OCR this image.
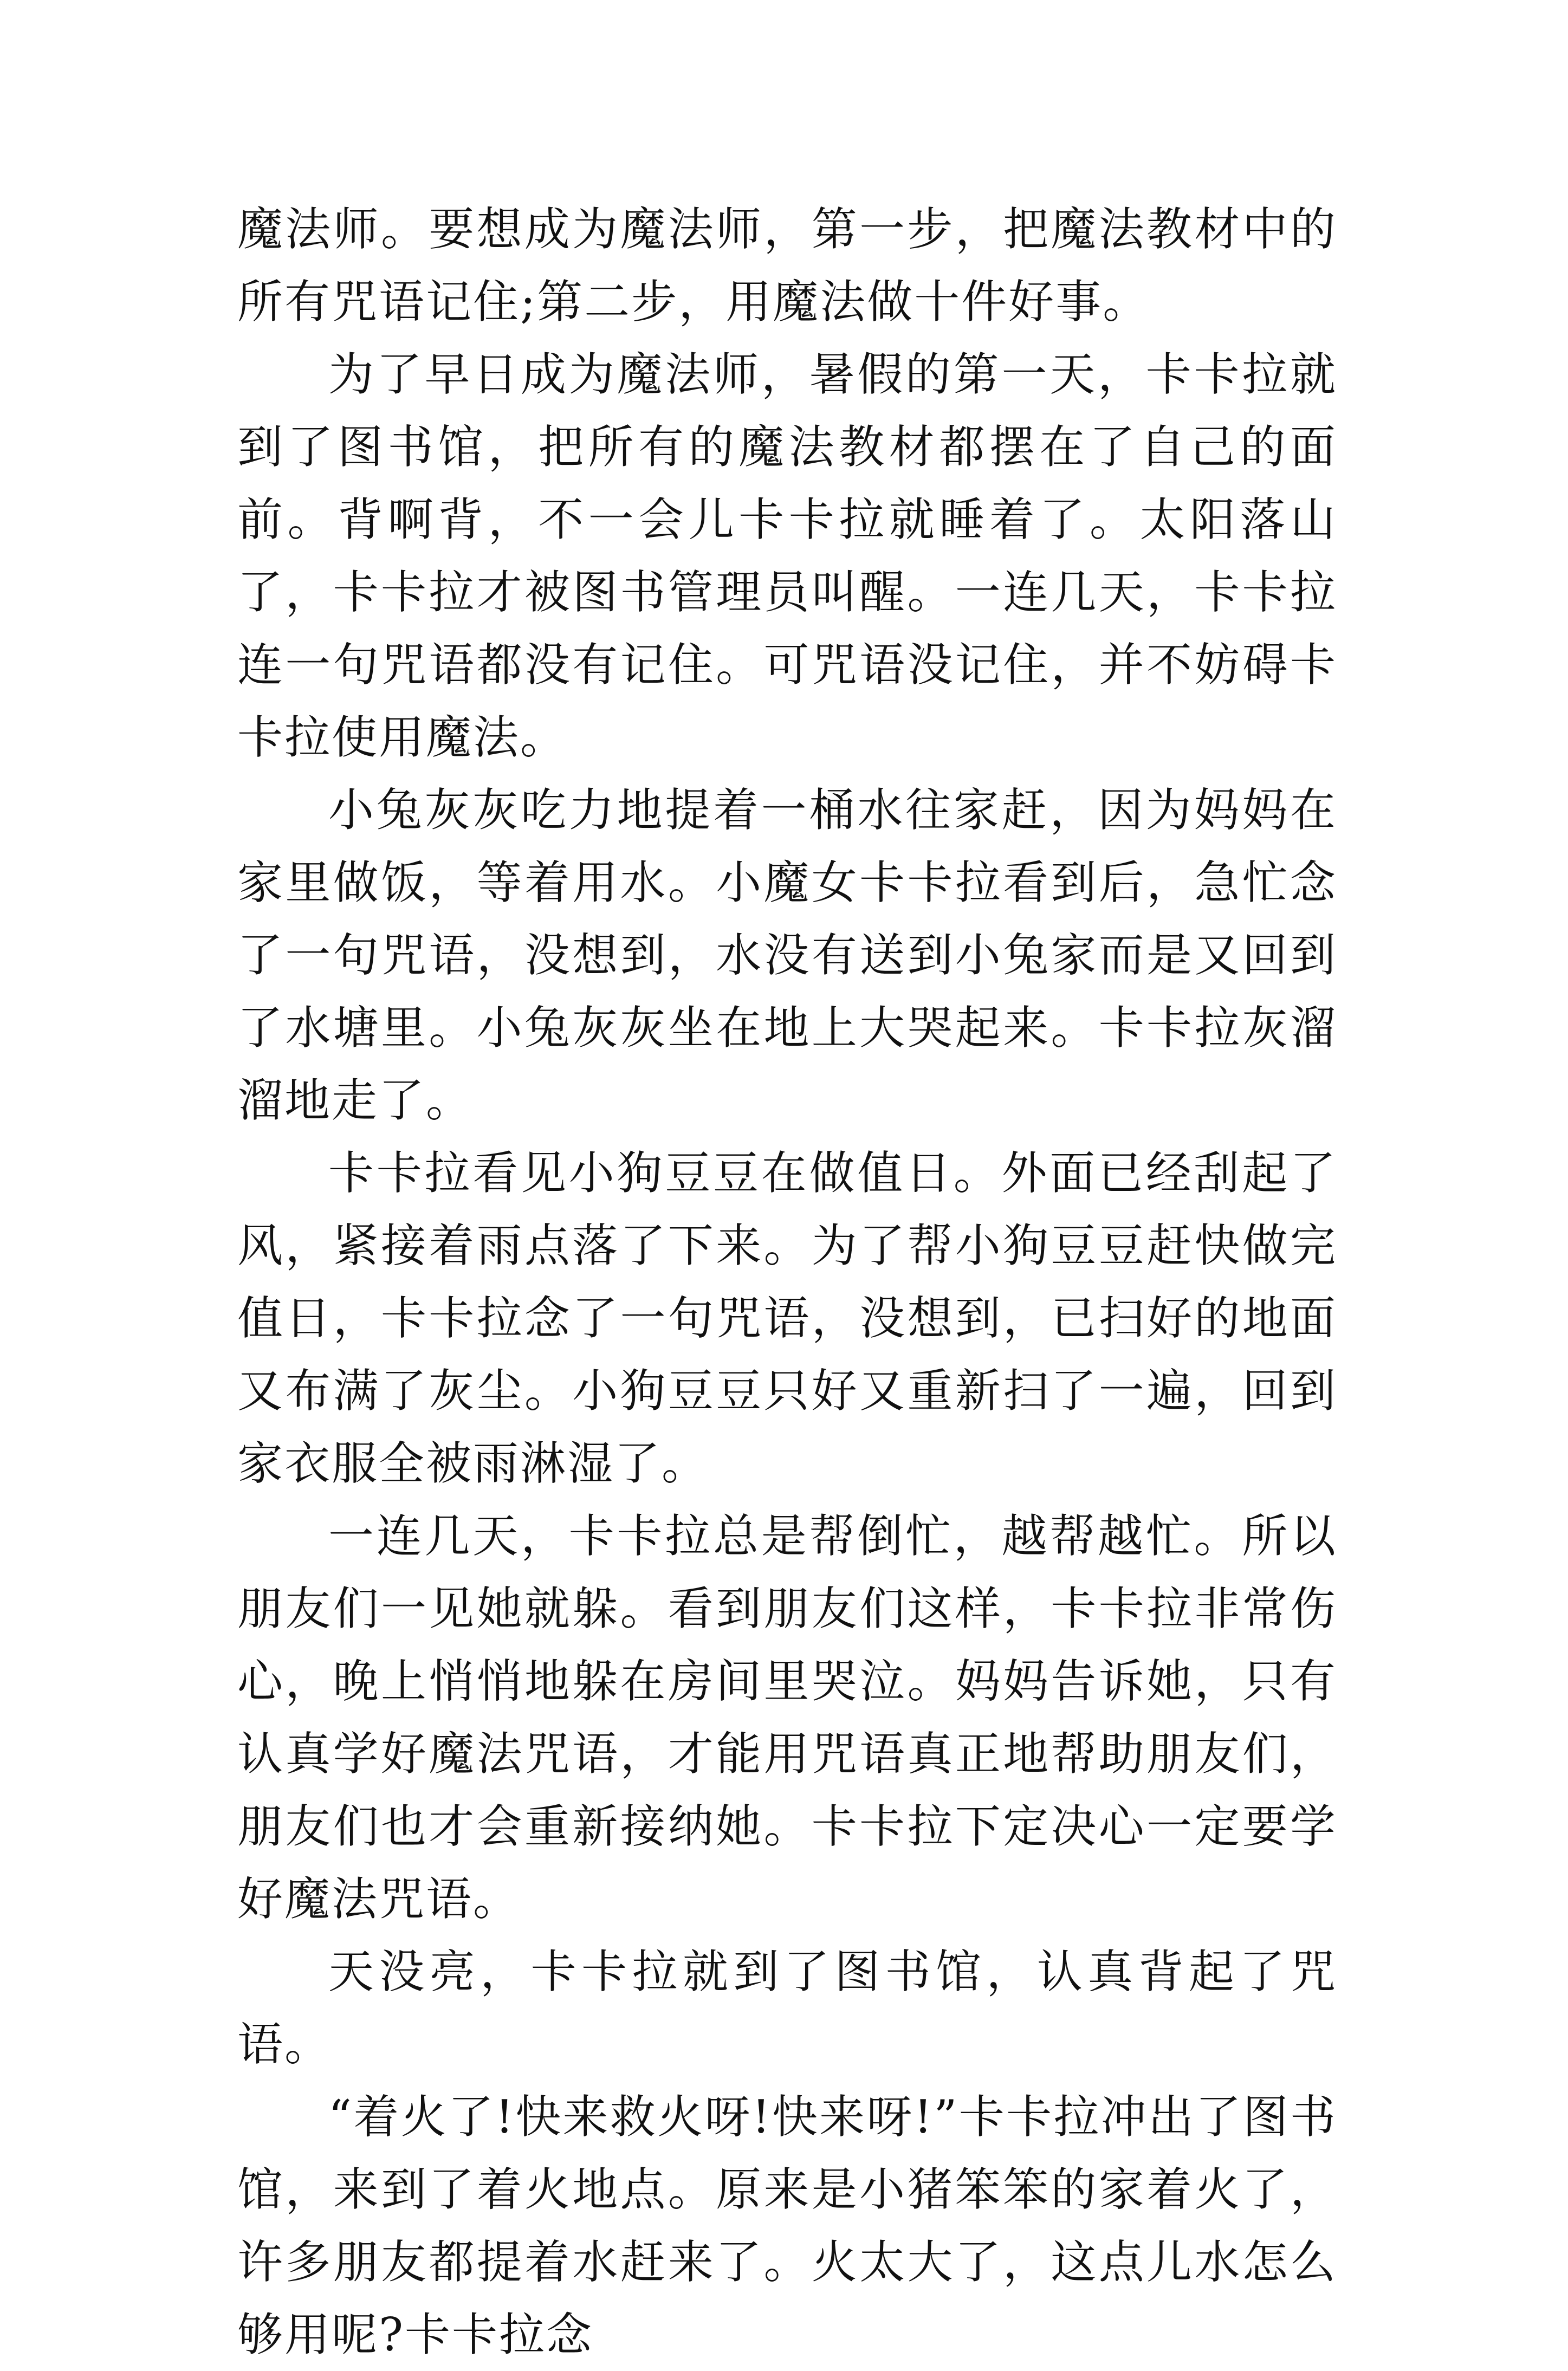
魔法师。要想成为魔法师，第一步，把魔法教材中的所有咒语记住;第二步，用魔法做十件好事。

为了早日成为魔法师，暑假的第一天，卡卡拉就到了图书馆，把所有的魔法教材都摆在了自己的面前。背啊背，不一会儿卡卡拉就睡着了。太阳落山了，卡卡拉才被图书管理员叫醒。一连几天，卡卡拉连一句咒语都没有记住。可咒语没记住，并不妨碍卡卡拉使用魔法。

小兔灰灰吃力地提着一桶水往家赶，因为妈妈在家里做饭，等着用水。小魔女卡卡拉看到后，急忙念了一句咒语，没想到，水没有送到小兔家而是又回到了水塘里。小兔灰灰坐在地上大哭起来。卡卡拉灰溜溜地走了。

卡卡拉看见小狗豆豆在做值日。外面已经刮起了风，紧接着雨点落了下来。为了帮小狗豆豆赶快做完值日，卡卡拉念了一句咒语，没想到，已扫好的地面又布满了灰尘。小狗豆豆只好又重新扫了一遍，回到家衣服全被雨淋湿了。

一连几天，卡卡拉总是帮倒忙，越帮越忙。所以朋友们一见她就躲。看到朋友们这样，卡卡拉非常伤心，晚上悄悄地躲在房间里哭泣。妈妈告诉她，只有认真学好魔法咒语，才能用咒语真正地帮助朋友们，朋友们也才会重新接纳她。卡卡拉下定决心一定要学好魔法咒语。

天没亮，卡卡拉就到了图书馆，认真背起了咒语。

“着火了!快来救火呀!快来呀!”卡卡拉冲出了图书馆，来到了着火地点。原来是小猪笨笨的家着火了，许多朋友都提着水赶来了。火太大了，这点儿水怎么够用呢?卡卡拉念
